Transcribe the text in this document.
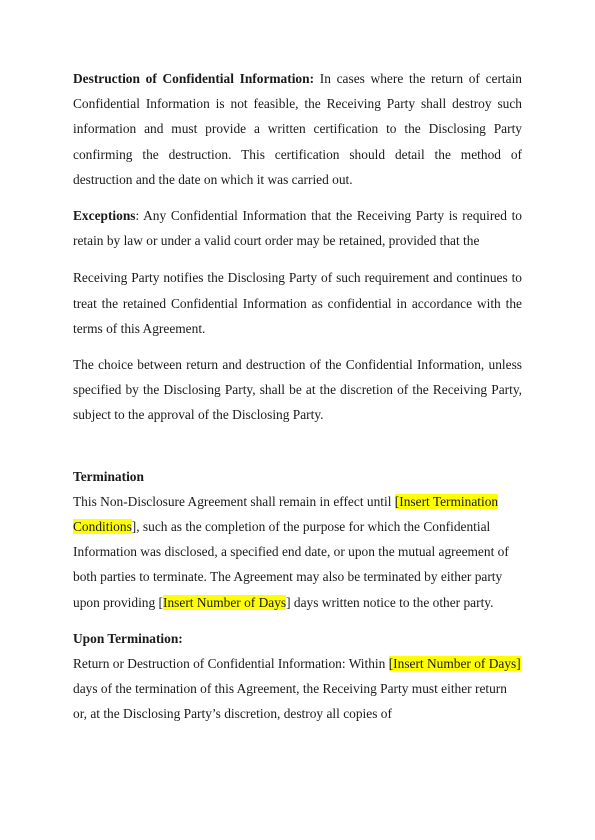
Destruction of Confidential Information: In cases where the return of certain Confidential Information is not feasible, the Receiving Party shall destroy such information and must provide a written certification to the Disclosing Party confirming the destruction. This certification should detail the method of destruction and the date on which it was carried out.

Exceptions: Any Confidential Information that the Receiving Party is required to retain by law or under a valid court order may be retained, provided that the

Receiving Party notifies the Disclosing Party of such requirement and continues to treat the retained Confidential Information as confidential in accordance with the terms of this Agreement.

The choice between return and destruction of the Confidential Information, unless specified by the Disclosing Party, shall be at the discretion of the Receiving Party, subject to the approval of the Disclosing Party.

Termination

This Non-Disclosure Agreement shall remain in effect until [Insert Termination Conditions], such as the completion of the purpose for which the Confidential Information was disclosed, a specified end date, or upon the mutual agreement of both parties to terminate. The Agreement may also be terminated by either party upon providing [Insert Number of Days] days written notice to the other party.

Upon Termination:

Return or Destruction of Confidential Information: Within [Insert Number of Days] days of the termination of this Agreement, the Receiving Party must either return or, at the Disclosing Party’s discretion, destroy all copies of
